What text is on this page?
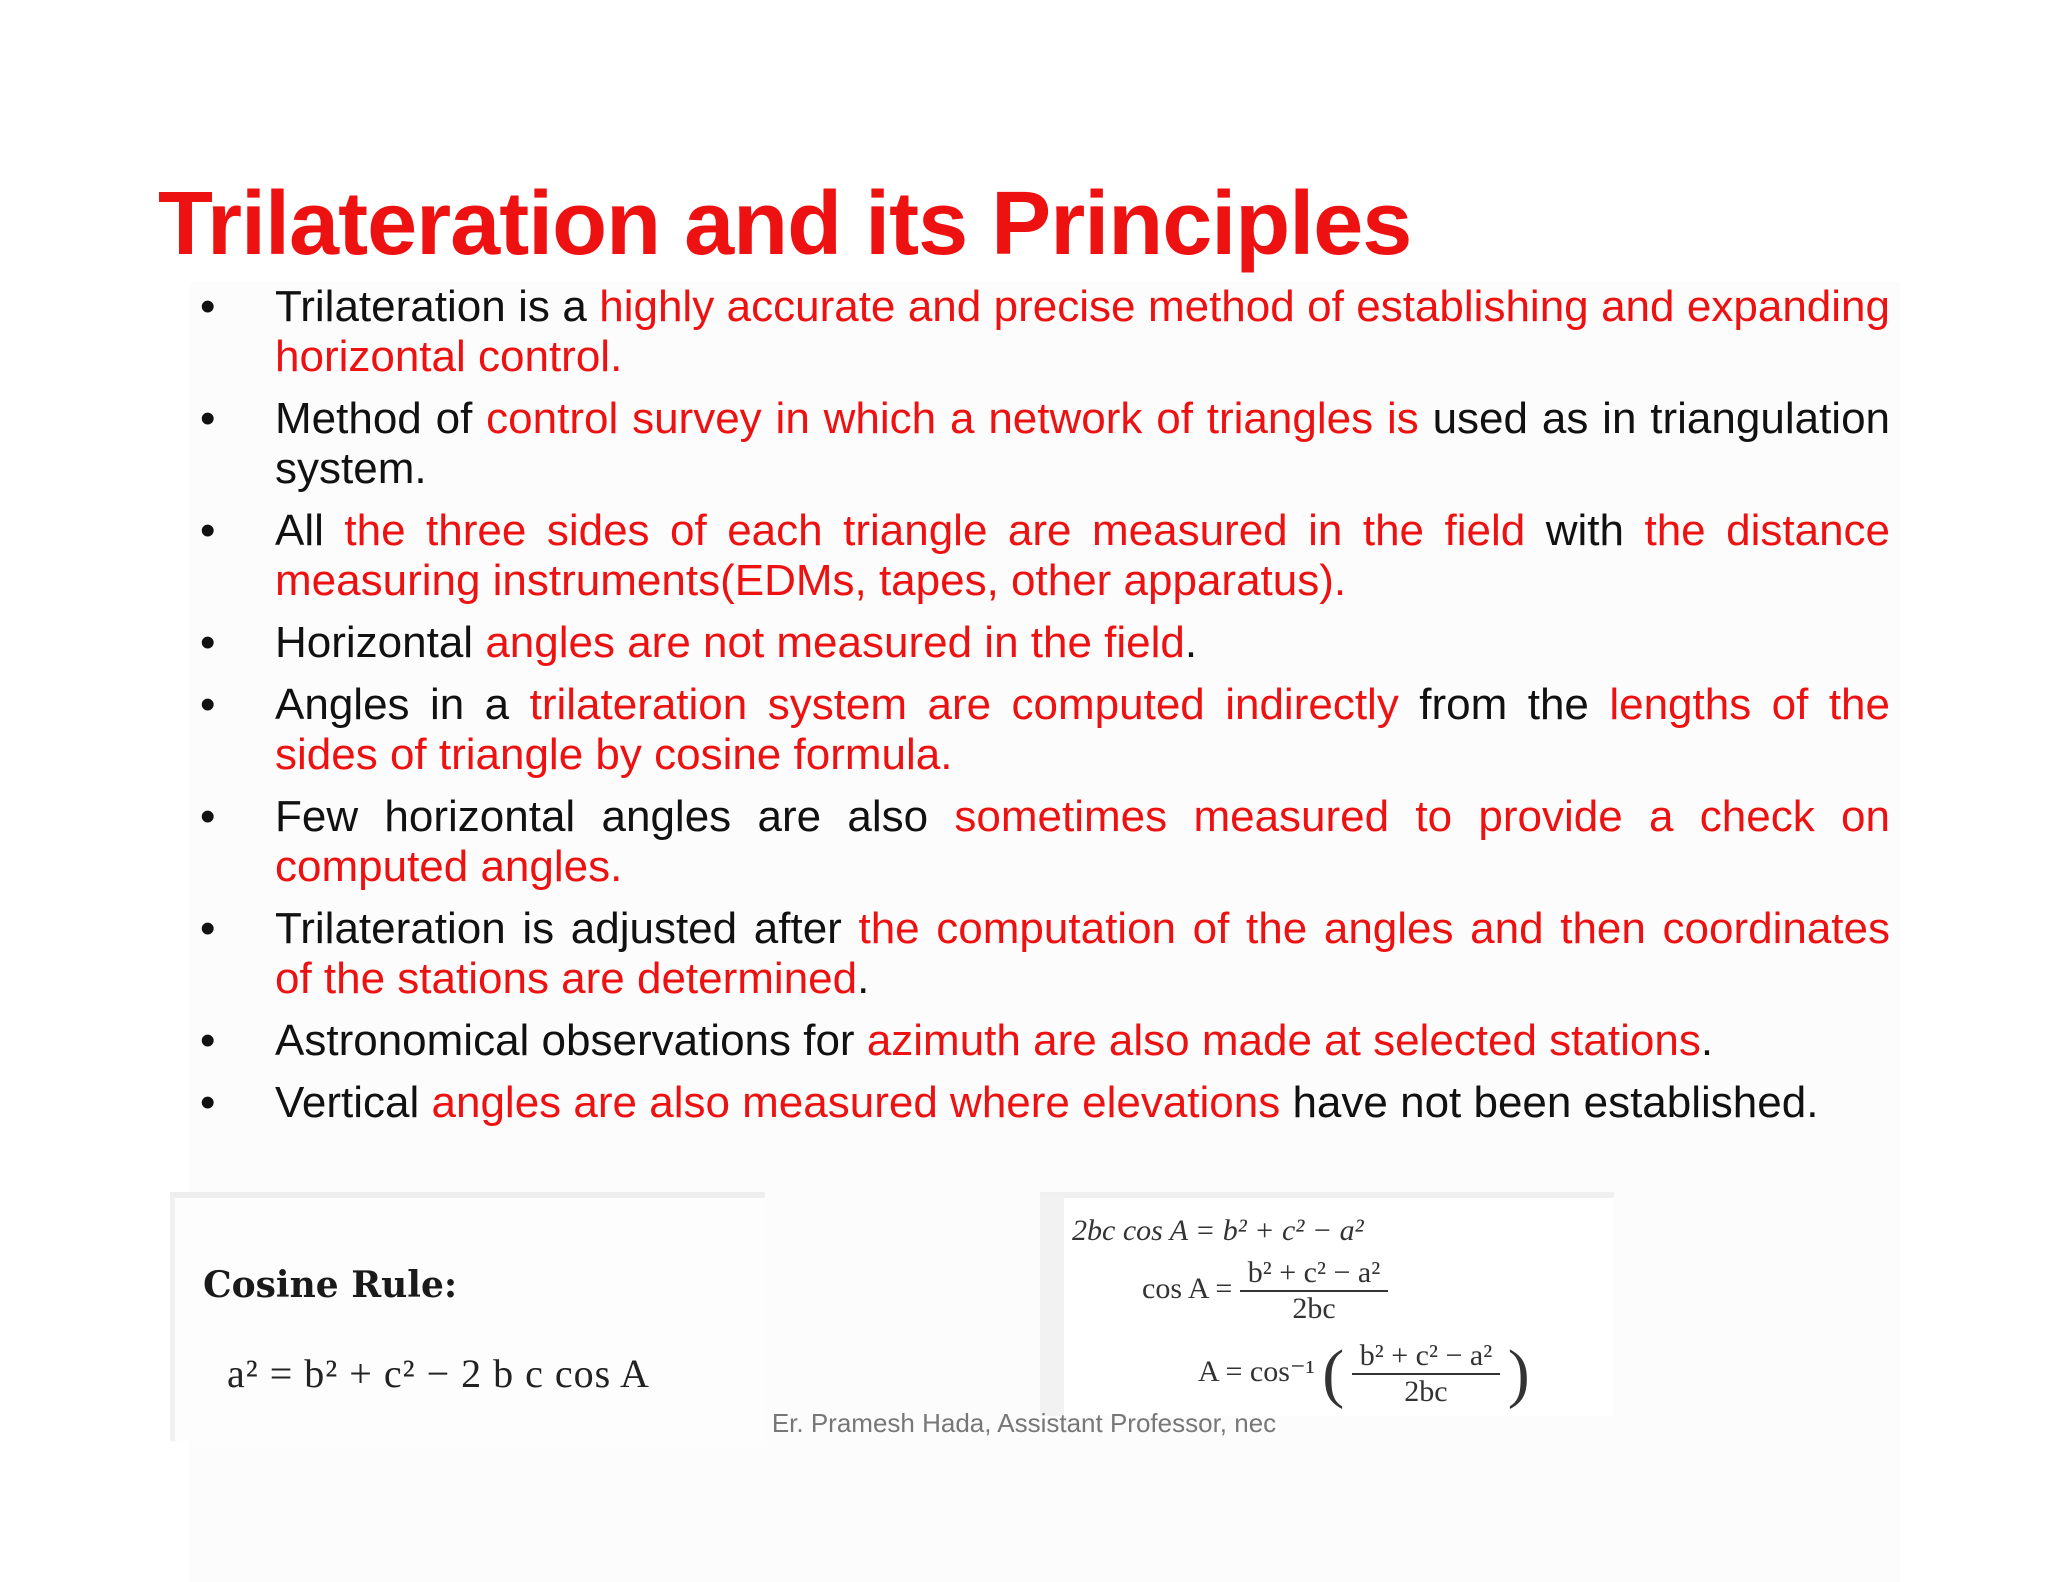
Trilateration and its Principles
• Trilateration is a highly accurate and precise method of establishing and expanding horizontal control.
• Method of control survey in which a network of triangles is used as in triangulation system.
• All the three sides of each triangle are measured in the field with the distance measuring instruments(EDMs, tapes, other apparatus).
• Horizontal angles are not measured in the field.
• Angles in a trilateration system are computed indirectly from the lengths of the sides of triangle by cosine formula.
• Few horizontal angles are also sometimes measured to provide a check on computed angles.
• Trilateration is adjusted after the computation of the angles and then coordinates of the stations are determined.
• Astronomical observations for azimuth are also made at selected stations.
• Vertical angles are also measured where elevations have not been established.
Cosine Rule:
a² = b² + c² − 2 b c cos A
2bc cos A = b² + c² − a²
$\cos A = \frac{\text{b² + c² − a²}}{2bc}$
A = cos⁻¹ ( $\frac{\text{b² + c² − a²}}{2bc}$ )
Er. Pramesh Hada, Assistant Professor, nec
